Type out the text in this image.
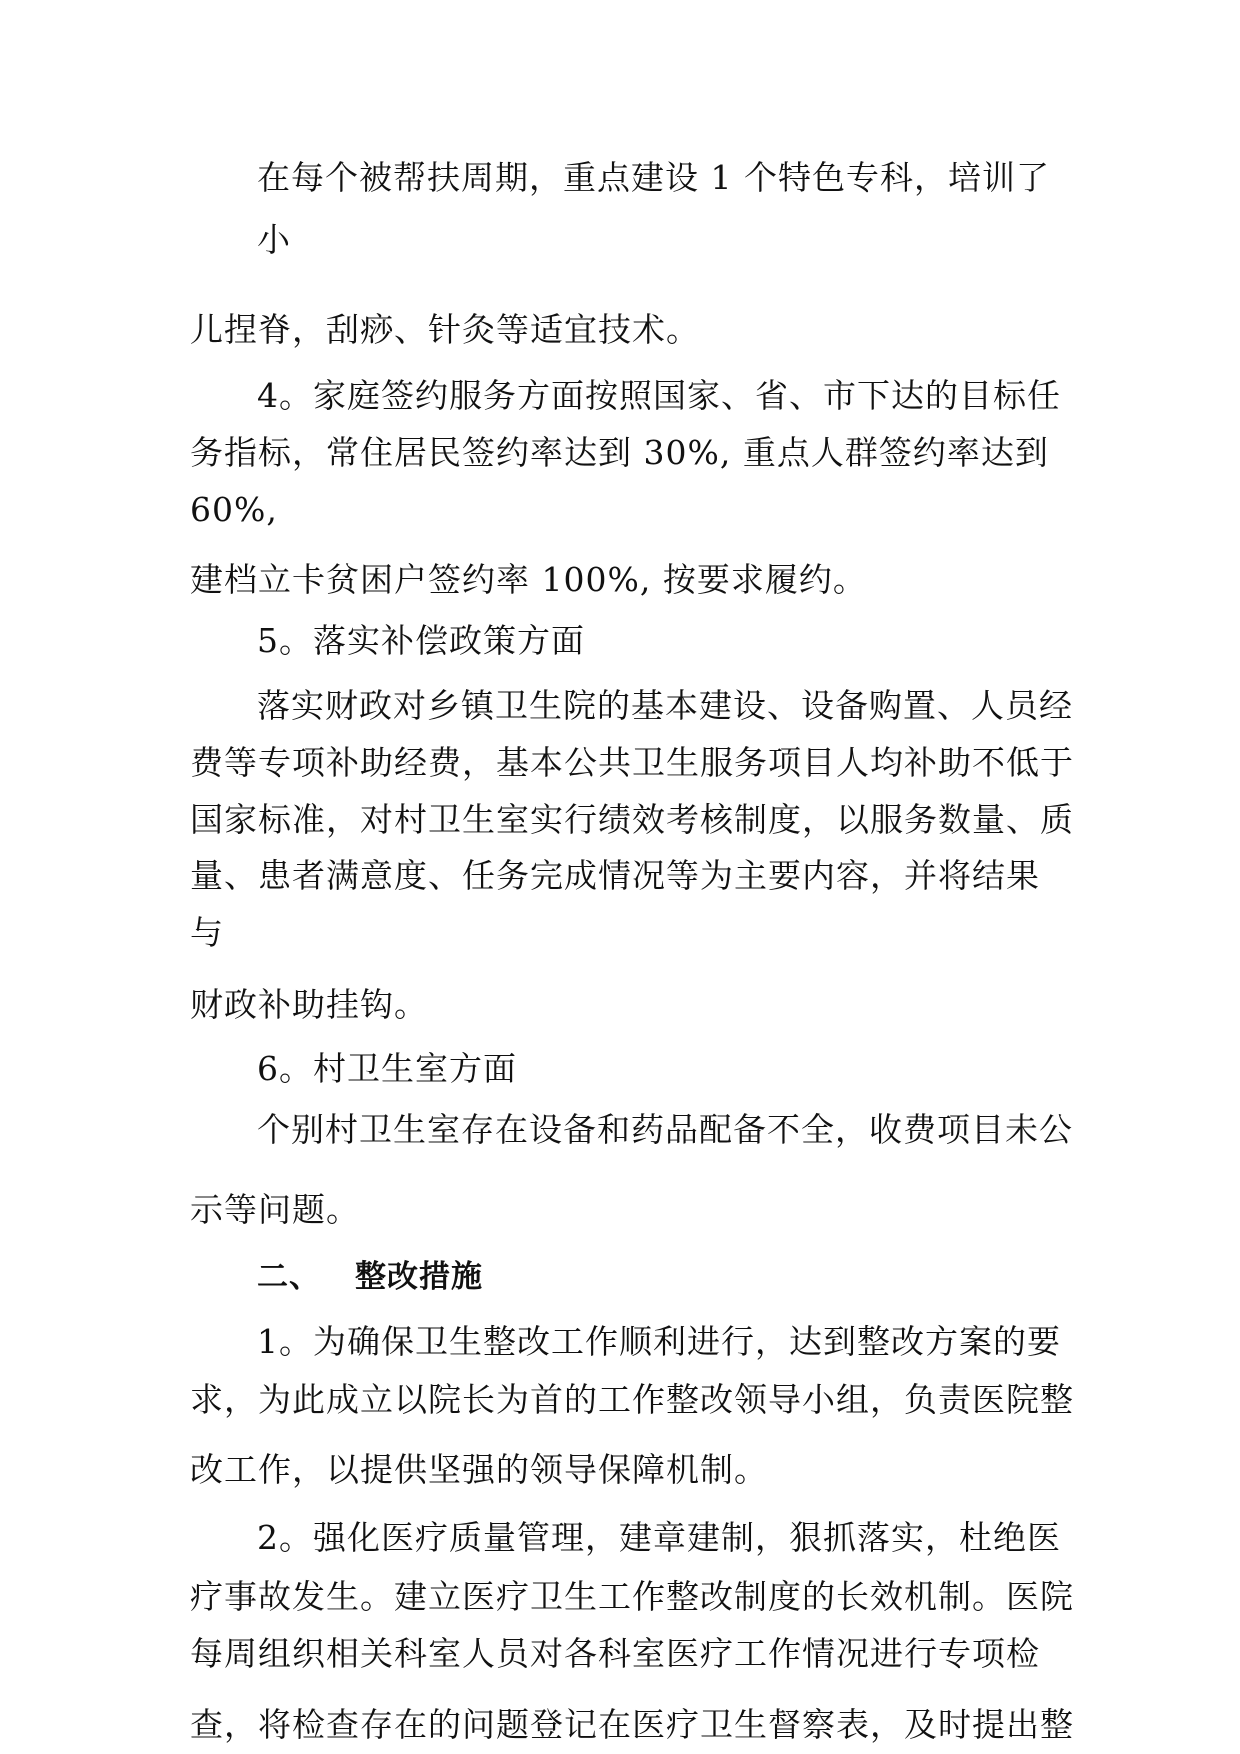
在每个被帮扶周期，重点建设 1 个特色专科，培训了
小
儿捏脊，刮痧、针灸等适宜技术。
4。家庭签约服务方面按照国家、省、市下达的目标任
务指标，常住居民签约率达到 30%, 重点人群签约率达到
60%,
建档立卡贫困户签约率 100%, 按要求履约。
5。落实补偿政策方面
落实财政对乡镇卫生院的基本建设、设备购置、人员经
费等专项补助经费，基本公共卫生服务项目人均补助不低于
国家标准，对村卫生室实行绩效考核制度，以服务数量、质
量、患者满意度、任务完成情况等为主要内容，并将结果
与
财政补助挂钩。
6。村卫生室方面
个别村卫生室存在设备和药品配备不全，收费项目未公
示等问题。
二、 整改措施
1。为确保卫生整改工作顺利进行，达到整改方案的要
求，为此成立以院长为首的工作整改领导小组，负责医院整
改工作，以提供坚强的领导保障机制。
2。强化医疗质量管理，建章建制，狠抓落实，杜绝医
疗事故发生。建立医疗卫生工作整改制度的长效机制。医院
每周组织相关科室人员对各科室医疗工作情况进行专项检
查，将检查存在的问题登记在医疗卫生督察表，及时提出整
